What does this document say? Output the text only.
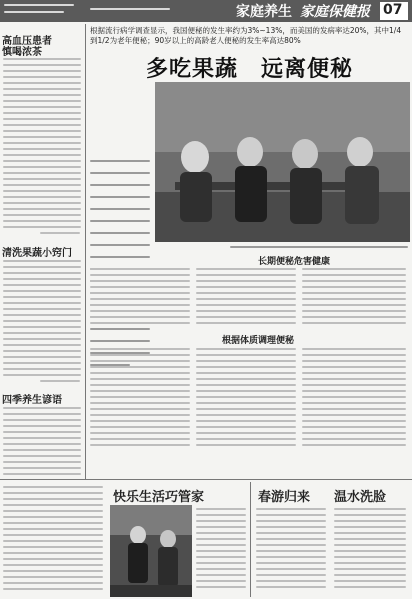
家庭养生 家庭保健报 07
高血压患者
慎喝浓茶
清洗果蔬小窍门
四季养生谚语
根据流行病学调查显示，我国便秘的发生率约为3%~13%，而美国的发病率达20%，其中1/4到1/2为老年便秘；90岁以上的高龄老人便秘的发生率高达80%
多吃果蔬　远离便秘
长期便秘危害健康
根据体质调理便秘
快乐生活巧管家	春游归来 温水洗脸
